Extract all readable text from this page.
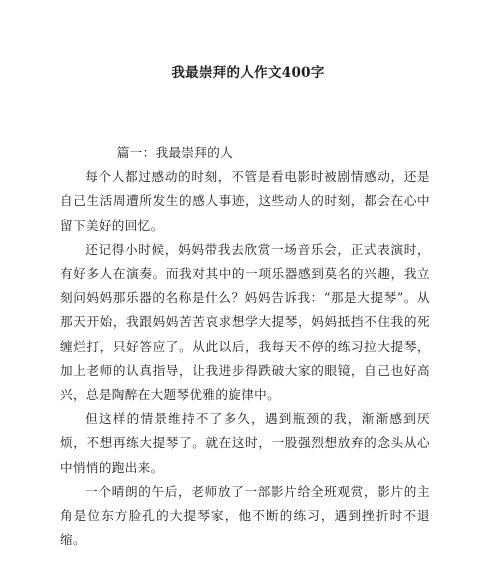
我最崇拜的人作文400字

篇一：我最崇拜的人

每个人都过感动的时刻，不管是看电影时被剧情感动，还是自己生活周遭所发生的感人事迹，这些动人的时刻，都会在心中留下美好的回忆。

还记得小时候，妈妈带我去欣赏一场音乐会，正式表演时，有好多人在演奏。而我对其中的一项乐器感到莫名的兴趣，我立刻问妈妈那乐器的名称是什么？妈妈告诉我：“那是大提琴”。从那天开始，我跟妈妈苦苦哀求想学大提琴，妈妈抵挡不住我的死缠烂打，只好答应了。从此以后，我每天不停的练习拉大提琴，加上老师的认真指导，让我进步得跌破大家的眼镜，自己也好高兴，总是陶醉在大题琴优雅的旋律中。

但这样的情景维持不了多久，遇到瓶颈的我，渐渐感到厌烦，不想再练大提琴了。就在这时，一股强烈想放弃的念头从心中悄悄的跑出来。

一个晴朗的午后，老师放了一部影片给全班观赏，影片的主角是位东方脸孔的大提琴家，他不断的练习，遇到挫折时不退缩。
